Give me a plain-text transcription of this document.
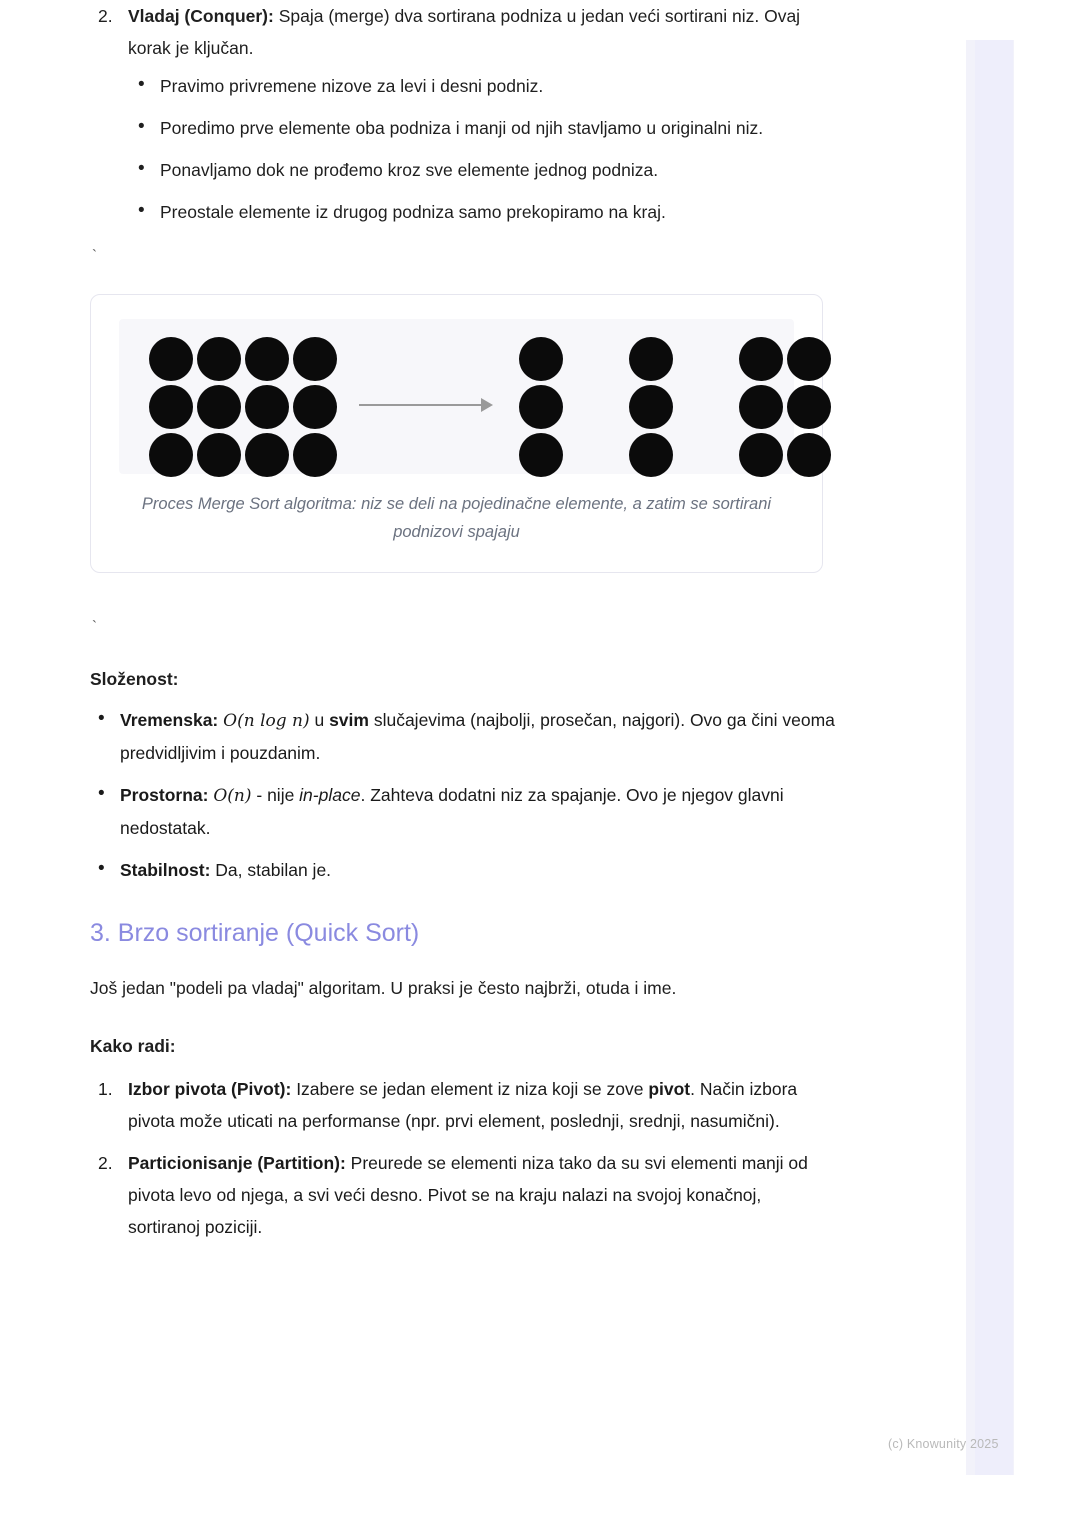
2. Vladaj (Conquer): Spaja (merge) dva sortirana podniza u jedan veći sortirani niz. Ovaj korak je ključan.
• Pravimo privremene nizove za levi i desni podniz.
• Poredimo prve elemente oba podniza i manji od njih stavljamo u originalni niz.
• Ponavljamo dok ne prođemo kroz sve elemente jednog podniza.
• Preostale elemente iz drugog podniza samo prekopiramo na kraj.
`
Proces Merge Sort algoritma: niz se deli na pojedinačne elemente, a zatim se sortirani podnizovi spajaju
`
Složenost:
• Vremenska: O(n log n) u svim slučajevima (najbolji, prosečan, najgori). Ovo ga čini veoma predvidljivim i pouzdanim.
• Prostorna: O(n) - nije in-place. Zahteva dodatni niz za spajanje. Ovo je njegov glavni nedostatak.
• Stabilnost: Da, stabilan je.
3. Brzo sortiranje (Quick Sort)
Još jedan "podeli pa vladaj" algoritam. U praksi je često najbrži, otuda i ime.
Kako radi:
1. Izbor pivota (Pivot): Izabere se jedan element iz niza koji se zove pivot. Način izbora pivota može uticati na performanse (npr. prvi element, poslednji, srednji, nasumični).
2. Particionisanje (Partition): Preurede se elementi niza tako da su svi elementi manji od pivota levo od njega, a svi veći desno. Pivot se na kraju nalazi na svojoj konačnoj, sortiranoj poziciji.
(c) Knowunity 2025
